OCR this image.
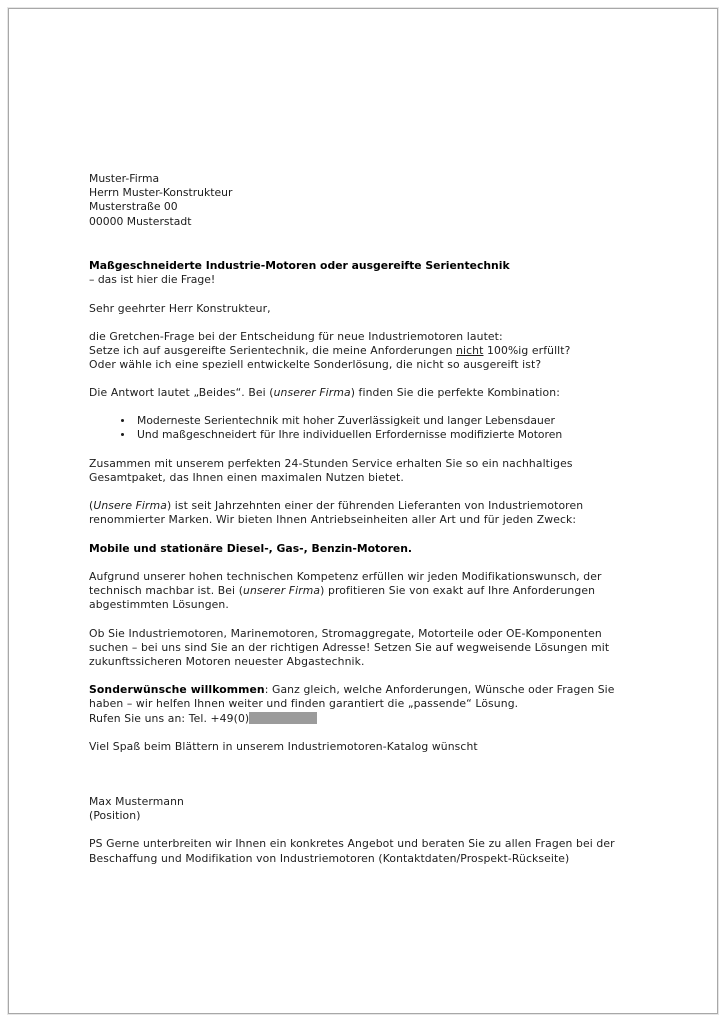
Muster-Firma
Herrn Muster-Konstrukteur
Musterstraße 00
00000 Musterstadt
Maßgeschneiderte Industrie-Motoren oder ausgereifte Serientechnik
– das ist hier die Frage!
Sehr geehrter Herr Konstrukteur,
die Gretchen-Frage bei der Entscheidung für neue Industriemotoren lautet:
Setze ich auf ausgereifte Serientechnik, die meine Anforderungen nicht 100%ig erfüllt?
Oder wähle ich eine speziell entwickelte Sonderlösung, die nicht so ausgereift ist?
Die Antwort lautet „Beides“. Bei (unserer Firma) finden Sie die perfekte Kombination:
Moderneste Serientechnik mit hoher Zuverlässigkeit und langer Lebensdauer
Und maßgeschneidert für Ihre individuellen Erfordernisse modifizierte Motoren
Zusammen mit unserem perfekten 24-Stunden Service erhalten Sie so ein nachhaltiges Gesamtpaket, das Ihnen einen maximalen Nutzen bietet.
(Unsere Firma) ist seit Jahrzehnten einer der führenden Lieferanten von Industriemotoren renommierter Marken. Wir bieten Ihnen Antriebseinheiten aller Art und für jeden Zweck:
Mobile und stationäre Diesel-, Gas-, Benzin-Motoren.
Aufgrund unserer hohen technischen Kompetenz erfüllen wir jeden Modifikationswunsch, der technisch machbar ist. Bei (unserer Firma) profitieren Sie von exakt auf Ihre Anforderungen abgestimmten Lösungen.
Ob Sie Industriemotoren, Marinemotoren, Stromaggregate, Motorteile oder OE-Komponenten suchen – bei uns sind Sie an der richtigen Adresse! Setzen Sie auf wegweisende Lösungen mit zukunftssicheren Motoren neuester Abgastechnik.
Sonderwünsche willkommen: Ganz gleich, welche Anforderungen, Wünsche oder Fragen Sie haben – wir helfen Ihnen weiter und finden garantiert die „passende“ Lösung.
Rufen Sie uns an: Tel. +49(0)
Viel Spaß beim Blättern in unserem Industriemotoren-Katalog wünscht
Max Mustermann
(Position)
PS Gerne unterbreiten wir Ihnen ein konkretes Angebot und beraten Sie zu allen Fragen bei der Beschaffung und Modifikation von Industriemotoren (Kontaktdaten/Prospekt-Rückseite)
